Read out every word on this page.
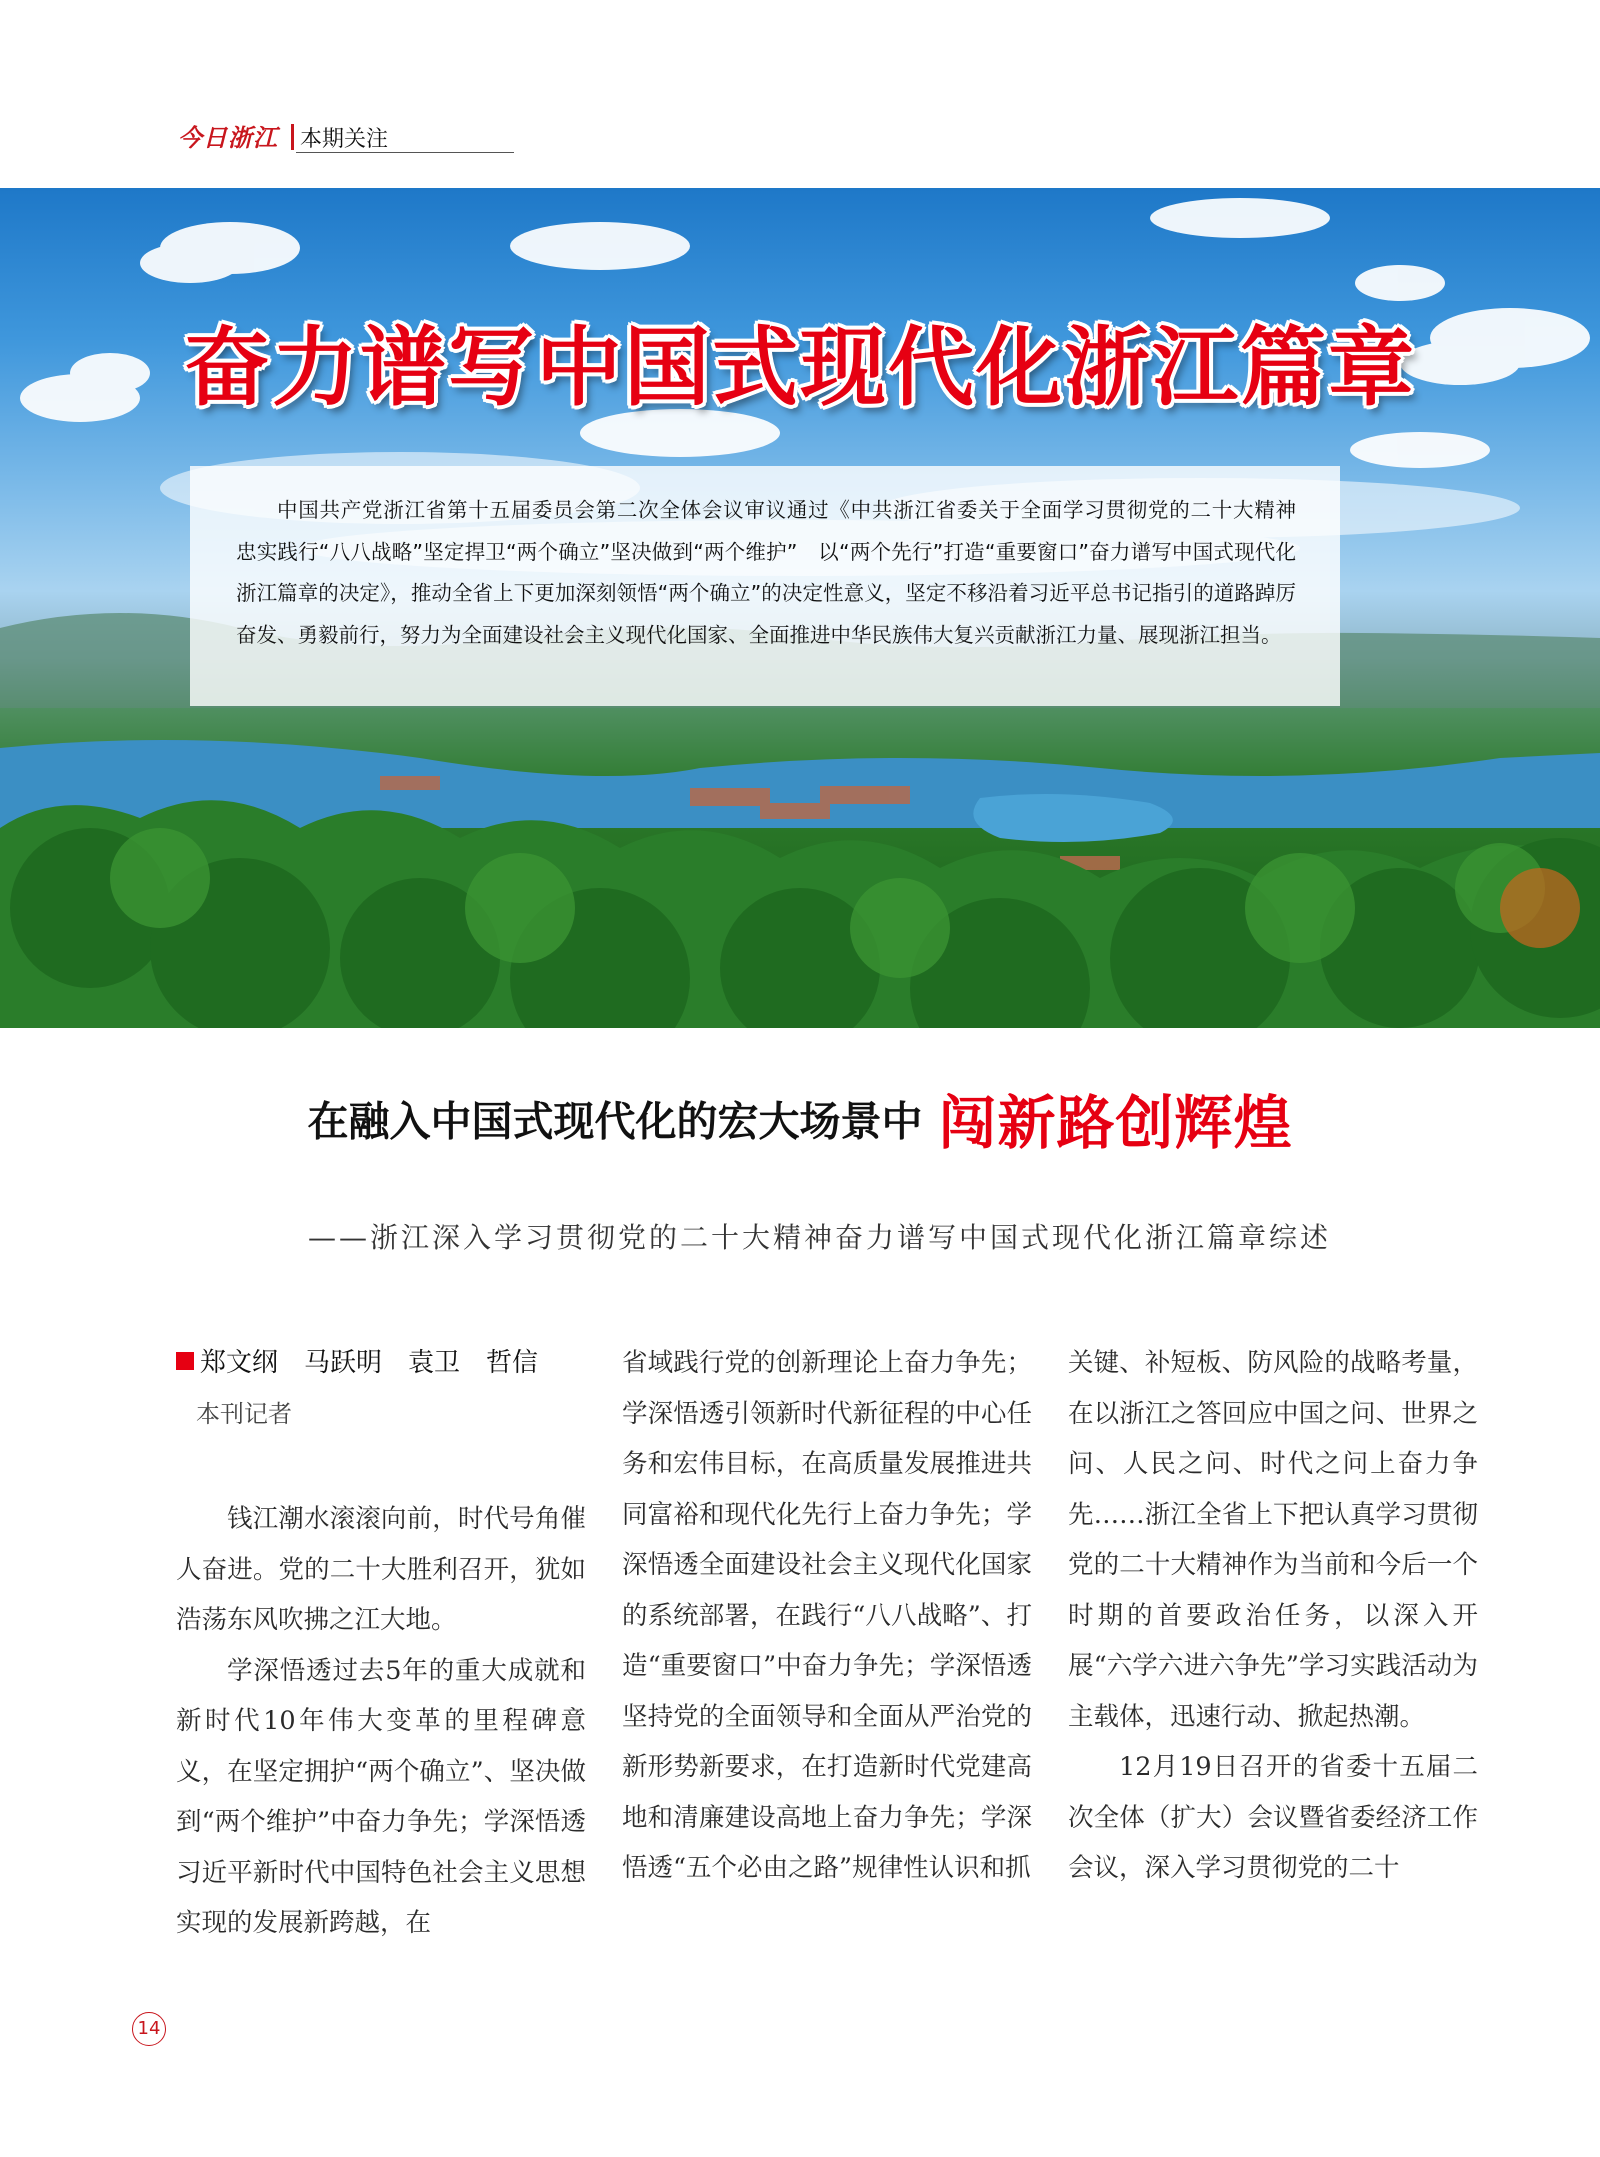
今日浙江 本期关注
奋力谱写中国式现代化浙江篇章
中国共产党浙江省第十五届委员会第二次全体会议审议通过《中共浙江省委关于全面学习贯彻党的二十大精神　忠实践行“八八战略”坚定捍卫“两个确立”坚决做到“两个维护”　以“两个先行”打造“重要窗口”奋力谱写中国式现代化浙江篇章的决定》，推动全省上下更加深刻领悟“两个确立”的决定性意义，坚定不移沿着习近平总书记指引的道路踔厉奋发、勇毅前行，努力为全面建设社会主义现代化国家、全面推进中华民族伟大复兴贡献浙江力量、展现浙江担当。
在融入中国式现代化的宏大场景中 闯新路创辉煌
——浙江深入学习贯彻党的二十大精神奋力谱写中国式现代化浙江篇章综述
郑文纲　马跃明　袁卫　哲信
本刊记者

钱江潮水滚滚向前，时代号角催人奋进。党的二十大胜利召开，犹如浩荡东风吹拂之江大地。

学深悟透过去5年的重大成就和新时代10年伟大变革的里程碑意义，在坚定拥护“两个确立”、坚决做到“两个维护”中奋力争先；学深悟透习近平新时代中国特色社会主义思想实现的发展新跨越，在

省域践行党的创新理论上奋力争先；学深悟透引领新时代新征程的中心任务和宏伟目标，在高质量发展推进共同富裕和现代化先行上奋力争先；学深悟透全面建设社会主义现代化国家的系统部署，在践行“八八战略”、打造“重要窗口”中奋力争先；学深悟透坚持党的全面领导和全面从严治党的新形势新要求，在打造新时代党建高地和清廉建设高地上奋力争先；学深悟透“五个必由之路”规律性认识和抓

关键、补短板、防风险的战略考量，在以浙江之答回应中国之问、世界之问、人民之问、时代之问上奋力争先……浙江全省上下把认真学习贯彻党的二十大精神作为当前和今后一个时期的首要政治任务，以深入开展“六学六进六争先”学习实践活动为主载体，迅速行动、掀起热潮。

12月19日召开的省委十五届二次全体（扩大）会议暨省委经济工作会议，深入学习贯彻党的二十

14
